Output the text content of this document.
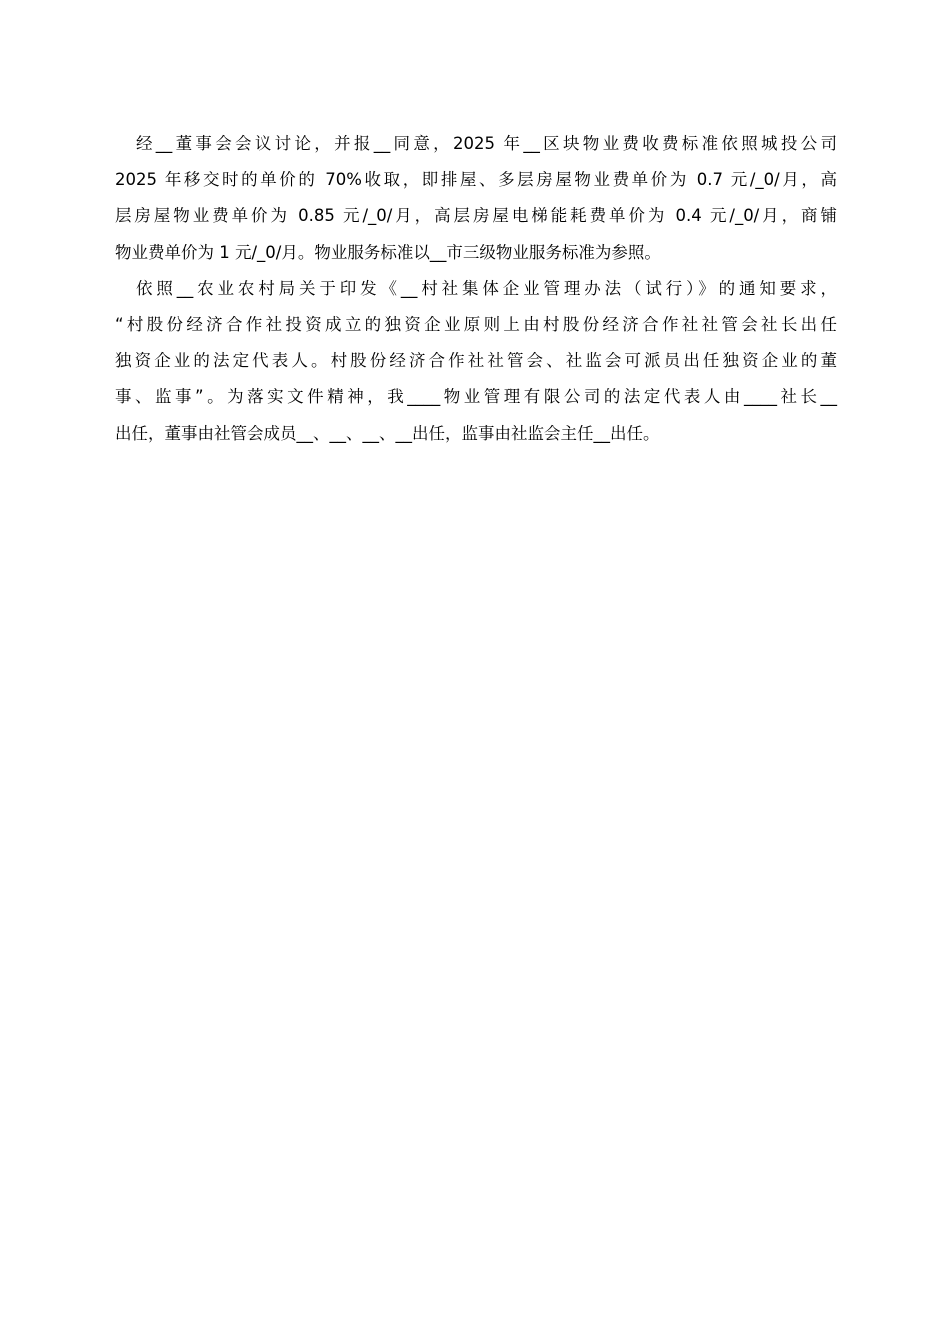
经__董事会会议讨论，并报__同意，2025 年__区块物业费收费标准依照城投公司
2025 年移交时的单价的 70%收取，即排屋、多层房屋物业费单价为 0.7 元/_0/月，高
层房屋物业费单价为 0.85 元/_0/月，高层房屋电梯能耗费单价为 0.4 元/_0/月，商铺
物业费单价为 1 元/_0/月。物业服务标准以__市三级物业服务标准为参照。
依照__农业农村局关于印发《__村社集体企业管理办法（试行）》的通知要求，
“村股份经济合作社投资成立的独资企业原则上由村股份经济合作社社管会社长出任
独资企业的法定代表人。村股份经济合作社社管会、社监会可派员出任独资企业的董
事、监事”。为落实文件精神，我____物业管理有限公司的法定代表人由____社长__
出任，董事由社管会成员__、__、__、__出任，监事由社监会主任__出任。
